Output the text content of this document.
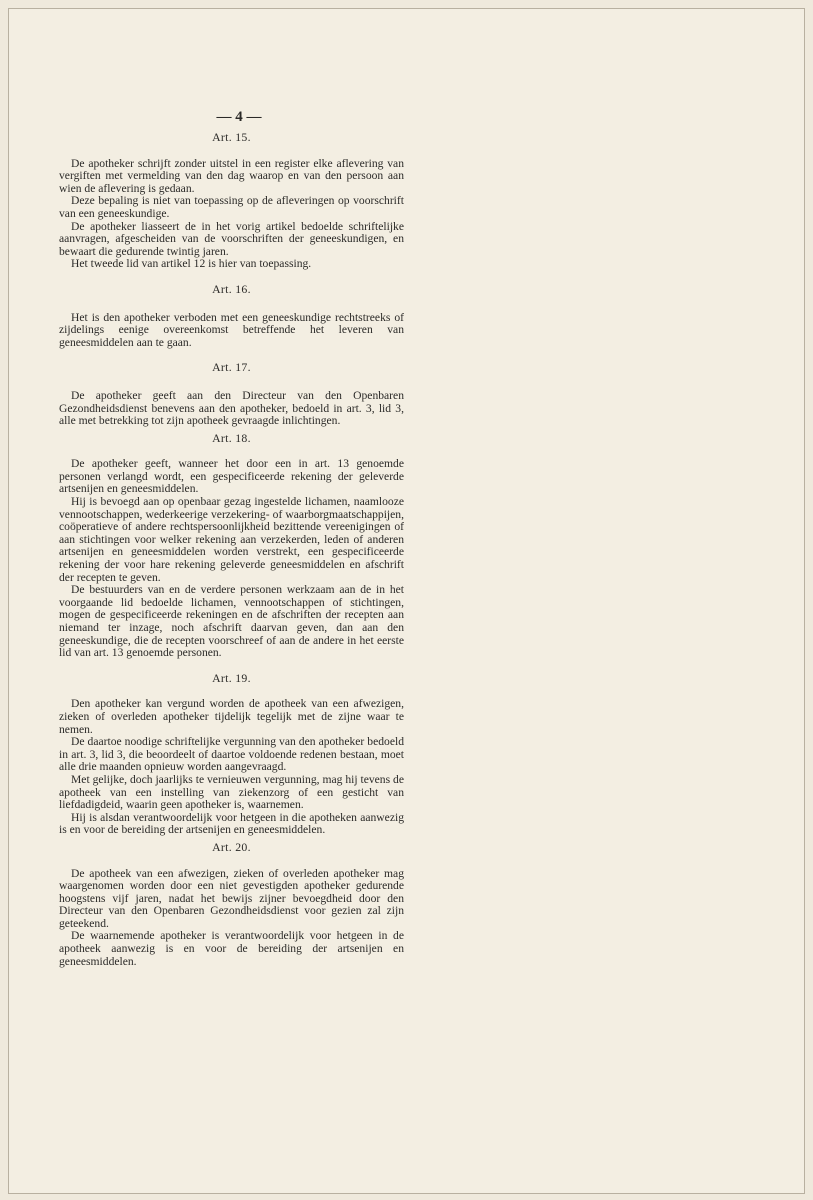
— 4 —

Art. 15.

De apotheker schrijft zonder uitstel in een register elke aflevering van vergiften met vermelding van den dag waarop en van den persoon aan wien de aflevering is gedaan.

Deze bepaling is niet van toepassing op de afleveringen op voorschrift van een geneeskundige.

De apotheker liasseert de in het vorig artikel bedoelde schriftelijke aanvragen, afgescheiden van de voorschriften der geneeskundigen, en bewaart die gedurende twintig jaren.

Het tweede lid van artikel 12 is hier van toepassing.

Art. 16.

Het is den apotheker verboden met een geneeskundige rechtstreeks of zijdelings eenige overeenkomst betreffende het leveren van geneesmiddelen aan te gaan.

Art. 17.

De apotheker geeft aan den Directeur van den Openbaren Gezondheidsdienst benevens aan den apotheker, bedoeld in art. 3, lid 3, alle met betrekking tot zijn apotheek gevraagde inlichtingen.

Art. 18.

De apotheker geeft, wanneer het door een in art. 13 genoemde personen verlangd wordt, een gespecificeerde rekening der geleverde artsenijen en geneesmiddelen.

Hij is bevoegd aan op openbaar gezag ingestelde lichamen, naamlooze vennootschappen, wederkeerige verzekering- of waarborgmaatschappijen, coöperatieve of andere rechtspersoonlijkheid bezittende vereenigingen of aan stichtingen voor welker rekening aan verzekerden, leden of anderen artsenijen en geneesmiddelen worden verstrekt, een gespecificeerde rekening der voor hare rekening geleverde geneesmiddelen en afschrift der recepten te geven.

De bestuurders van en de verdere personen werkzaam aan de in het voorgaande lid bedoelde lichamen, vennootschappen of stichtingen, mogen de gespecificeerde rekeningen en de afschriften der recepten aan niemand ter inzage, noch afschrift daarvan geven, dan aan den geneeskundige, die de recepten voorschreef of aan de andere in het eerste lid van art. 13 genoemde personen.

Art. 19.

Den apotheker kan vergund worden de apotheek van een afwezigen, zieken of overleden apotheker tijdelijk tegelijk met de zijne waar te nemen.

De daartoe noodige schriftelijke vergunning van den apotheker bedoeld in art. 3, lid 3, die beoordeelt of daartoe voldoende redenen bestaan, moet alle drie maanden opnieuw worden aangevraagd.

Met gelijke, doch jaarlijks te vernieuwen vergunning, mag hij tevens de apotheek van een instelling van ziekenzorg of een gesticht van liefdadigdeid, waarin geen apotheker is, waarnemen.

Hij is alsdan verantwoordelijk voor hetgeen in die apotheken aanwezig is en voor de bereiding der artsenijen en geneesmiddelen.

Art. 20.

De apotheek van een afwezigen, zieken of overleden apotheker mag waargenomen worden door een niet gevestigden apotheker gedurende hoogstens vijf jaren, nadat het bewijs zijner bevoegdheid door den Directeur van den Openbaren Gezondheidsdienst voor gezien zal zijn geteekend.

De waarnemende apotheker is verantwoordelijk voor hetgeen in de apotheek aanwezig is en voor de bereiding der artsenijen en geneesmiddelen.
